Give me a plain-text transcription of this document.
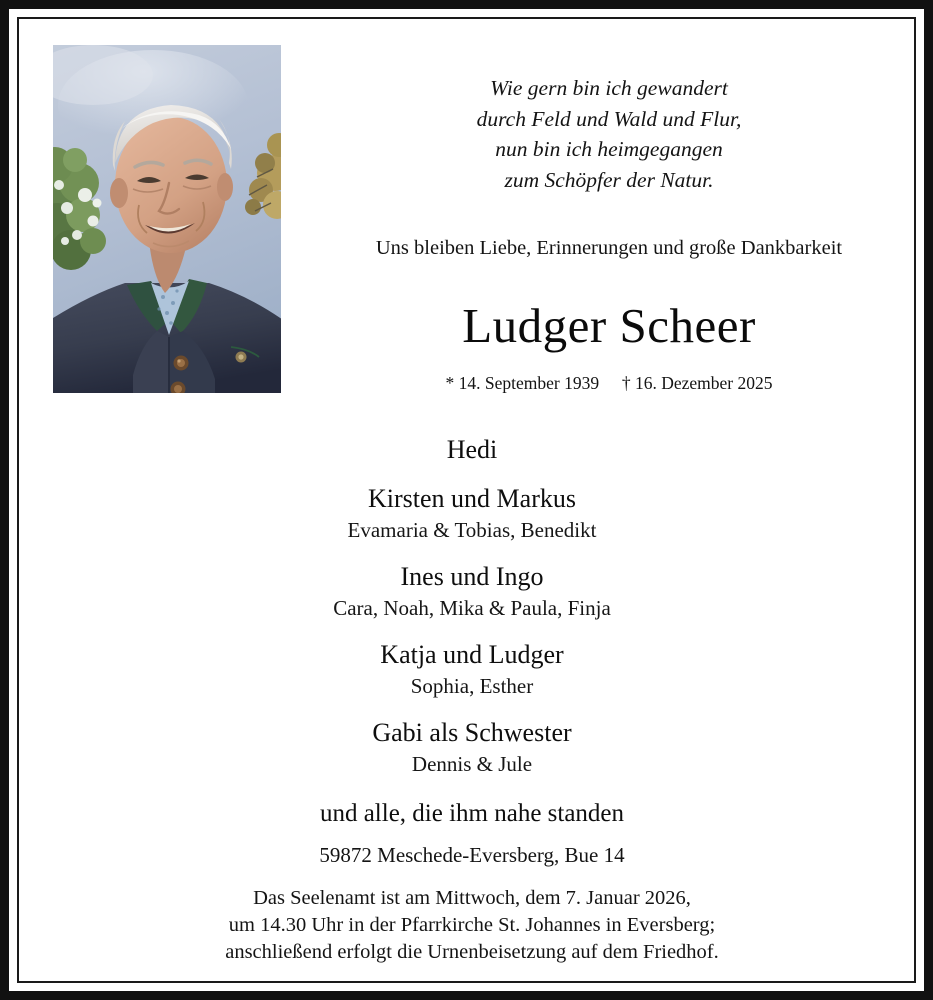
Wie gern bin ich gewandert
durch Feld und Wald und Flur,
nun bin ich heimgegangen
zum Schöpfer der Natur.
Uns bleiben Liebe, Erinnerungen und große Dankbarkeit
Ludger Scheer
* 14. September 1939 † 16. Dezember 2025
Hedi
Kirsten und Markus
Evamaria & Tobias, Benedikt
Ines und Ingo
Cara, Noah, Mika & Paula, Finja
Katja und Ludger
Sophia, Esther
Gabi als Schwester
Dennis & Jule
und alle, die ihm nahe standen
59872 Meschede-Eversberg, Bue 14
Das Seelenamt ist am Mittwoch, dem 7. Januar 2026,
um 14.30 Uhr in der Pfarrkirche St. Johannes in Eversberg;
anschließend erfolgt die Urnenbeisetzung auf dem Friedhof.
